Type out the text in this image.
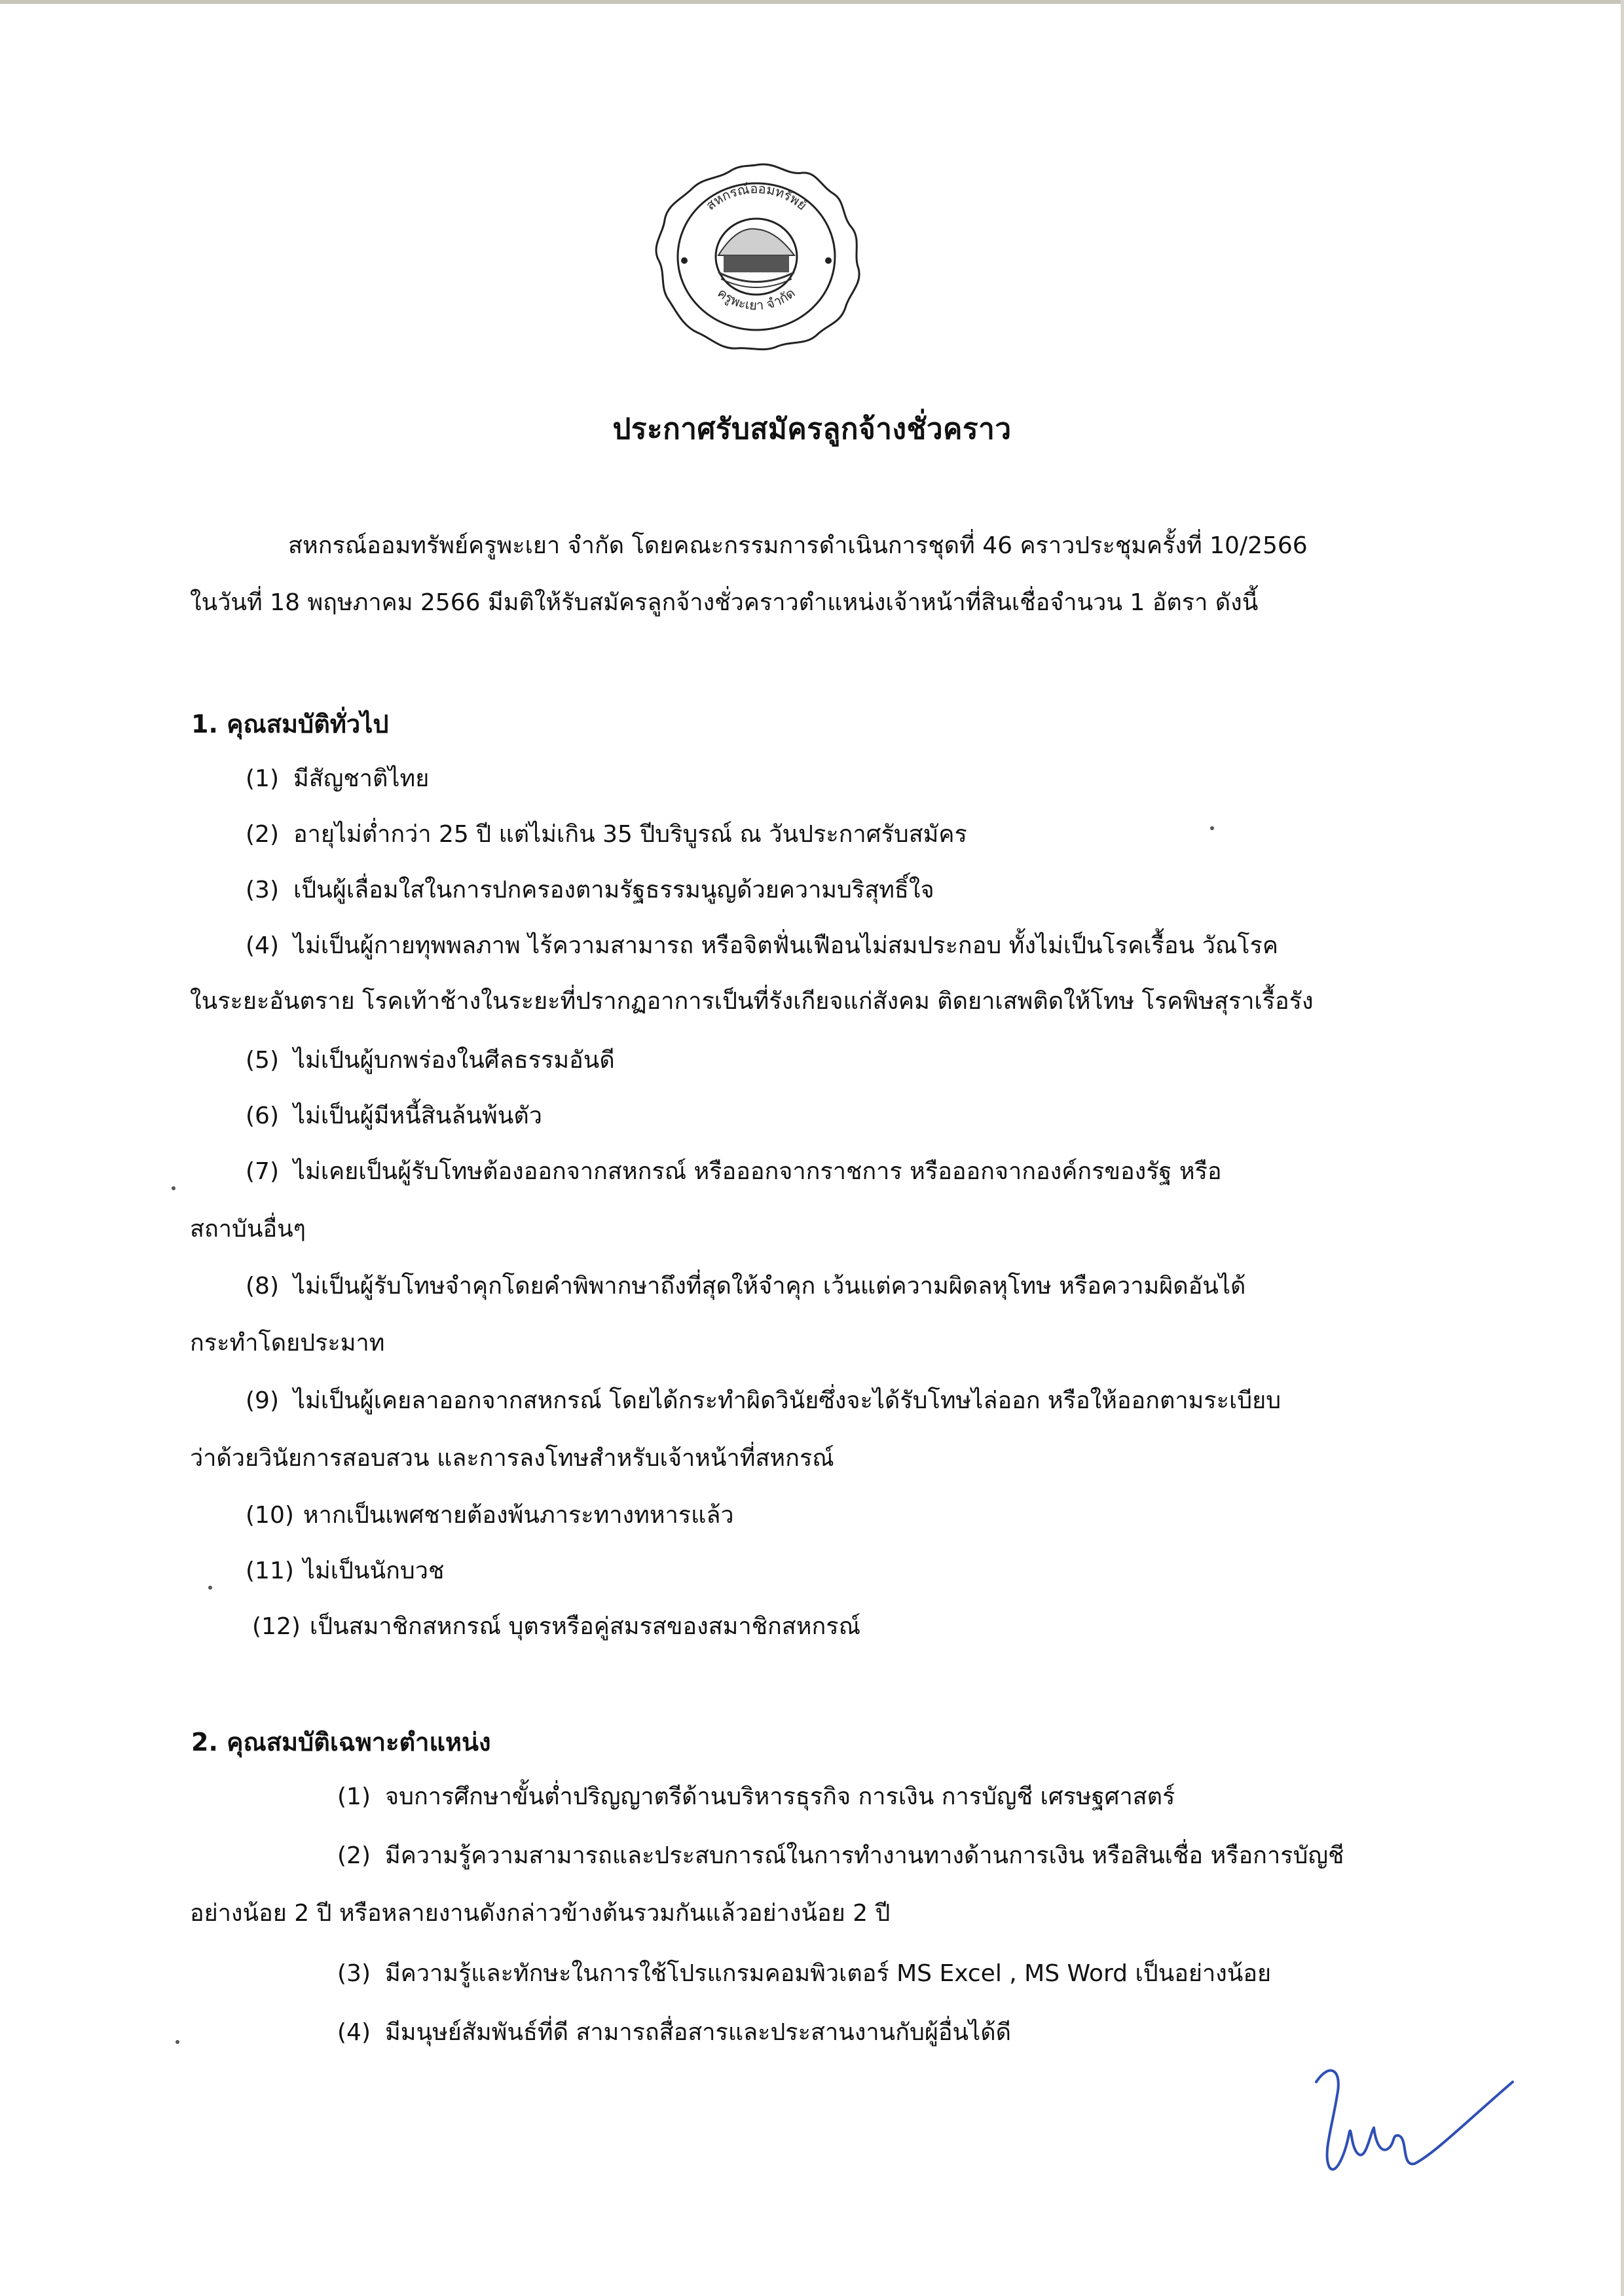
สหกรณ์ออมทรัพย์
ครูพะเยา จำกัด
ประกาศรับสมัครลูกจ้างชั่วคราว
สหกรณ์ออมทรัพย์ครูพะเยา จำกัด โดยคณะกรรมการดำเนินการชุดที่ 46 คราวประชุมครั้งที่ 10/2566
ในวันที่ 18 พฤษภาคม 2566 มีมติให้รับสมัครลูกจ้างชั่วคราวตำแหน่งเจ้าหน้าที่สินเชื่อจำนวน 1 อัตรา ดังนี้
1. คุณสมบัติทั่วไป
(1) มีสัญชาติไทย
(2) อายุไม่ต่ำกว่า 25 ปี แต่ไม่เกิน 35 ปีบริบูรณ์ ณ วันประกาศรับสมัคร
(3) เป็นผู้เลื่อมใสในการปกครองตามรัฐธรรมนูญด้วยความบริสุทธิ์ใจ
(4) ไม่เป็นผู้กายทุพพลภาพ ไร้ความสามารถ หรือจิตฟั่นเฟือนไม่สมประกอบ ทั้งไม่เป็นโรคเรื้อน วัณโรค
ในระยะอันตราย โรคเท้าช้างในระยะที่ปรากฏอาการเป็นที่รังเกียจแก่สังคม ติดยาเสพติดให้โทษ โรคพิษสุราเรื้อรัง
(5) ไม่เป็นผู้บกพร่องในศีลธรรมอันดี
(6) ไม่เป็นผู้มีหนี้สินล้นพ้นตัว
(7) ไม่เคยเป็นผู้รับโทษต้องออกจากสหกรณ์ หรือออกจากราชการ หรือออกจากองค์กรของรัฐ หรือ
สถาบันอื่นๆ
(8) ไม่เป็นผู้รับโทษจำคุกโดยคำพิพากษาถึงที่สุดให้จำคุก เว้นแต่ความผิดลหุโทษ หรือความผิดอันได้
กระทำโดยประมาท
(9) ไม่เป็นผู้เคยลาออกจากสหกรณ์ โดยได้กระทำผิดวินัยซึ่งจะได้รับโทษไล่ออก หรือให้ออกตามระเบียบ
ว่าด้วยวินัยการสอบสวน และการลงโทษสำหรับเจ้าหน้าที่สหกรณ์
(10) หากเป็นเพศชายต้องพ้นภาระทางทหารแล้ว
(11) ไม่เป็นนักบวช
(12) เป็นสมาชิกสหกรณ์ บุตรหรือคู่สมรสของสมาชิกสหกรณ์
2. คุณสมบัติเฉพาะตำแหน่ง
(1) จบการศึกษาขั้นต่ำปริญญาตรีด้านบริหารธุรกิจ การเงิน การบัญชี เศรษฐศาสตร์
(2) มีความรู้ความสามารถและประสบการณ์ในการทำงานทางด้านการเงิน หรือสินเชื่อ หรือการบัญชี
อย่างน้อย 2 ปี หรือหลายงานดังกล่าวข้างต้นรวมกันแล้วอย่างน้อย 2 ปี
(3) มีความรู้และทักษะในการใช้โปรแกรมคอมพิวเตอร์ MS Excel , MS Word เป็นอย่างน้อย
(4) มีมนุษย์สัมพันธ์ที่ดี สามารถสื่อสารและประสานงานกับผู้อื่นได้ดี
